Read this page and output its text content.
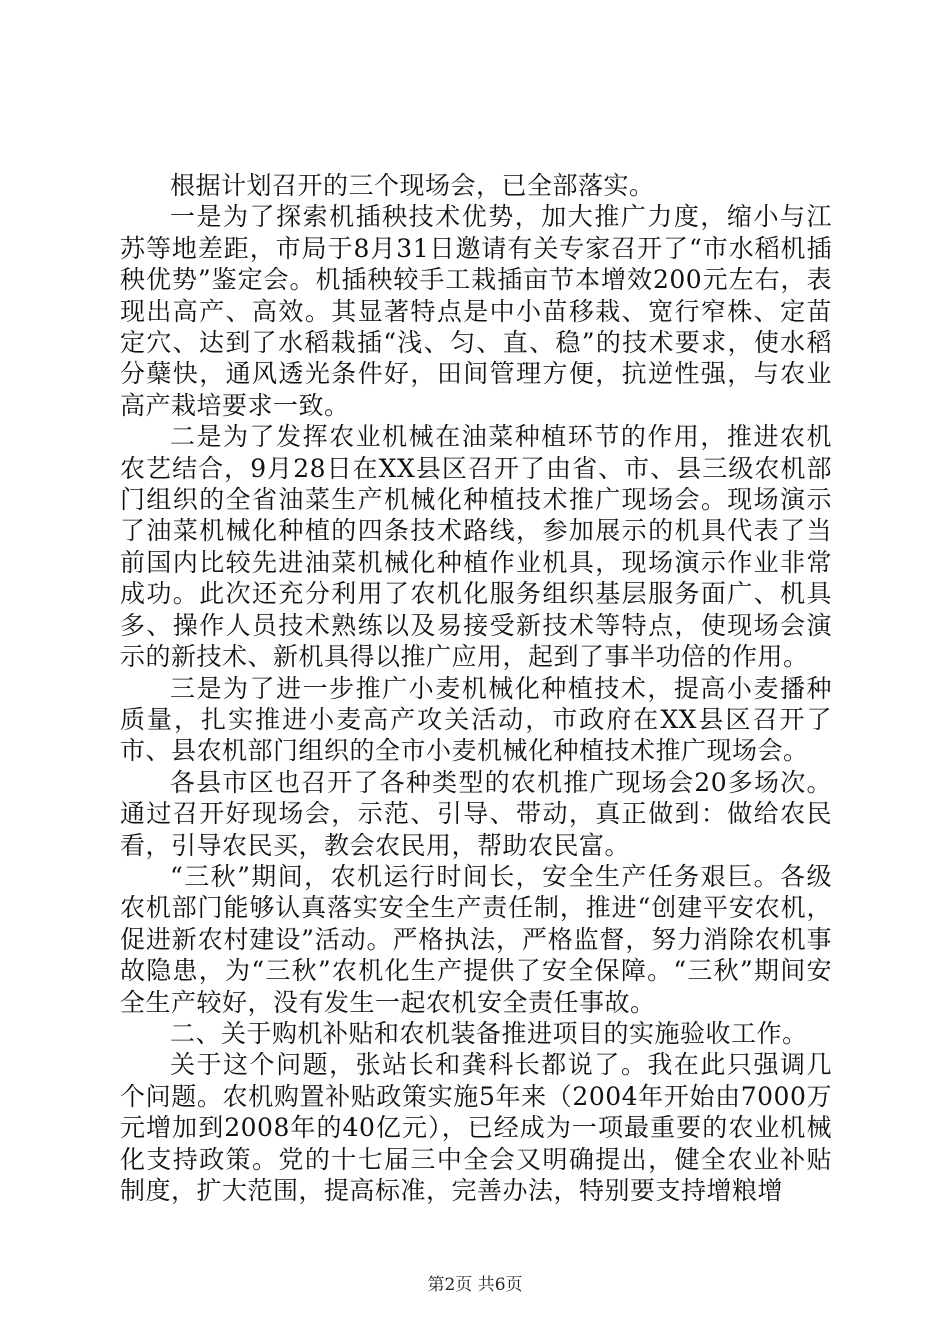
根据计划召开的三个现场会，已全部落实。

一是为了探索机插秧技术优势，加大推广力度，缩小与江苏等地差距，市局于8月31日邀请有关专家召开了“市水稻机插秧优势”鉴定会。机插秧较手工栽插亩节本增效200元左右，表现出高产、高效。其显著特点是中小苗移栽、宽行窄株、定苗定穴、达到了水稻栽插“浅、匀、直、稳”的技术要求，使水稻分蘖快，通风透光条件好，田间管理方便，抗逆性强，与农业高产栽培要求一致。

二是为了发挥农业机械在油菜种植环节的作用，推进农机农艺结合，9月28日在XX县区召开了由省、市、县三级农机部门组织的全省油菜生产机械化种植技术推广现场会。现场演示了油菜机械化种植的四条技术路线，参加展示的机具代表了当前国内比较先进油菜机械化种植作业机具，现场演示作业非常成功。此次还充分利用了农机化服务组织基层服务面广、机具多、操作人员技术熟练以及易接受新技术等特点，使现场会演示的新技术、新机具得以推广应用，起到了事半功倍的作用。

三是为了进一步推广小麦机械化种植技术，提高小麦播种质量，扎实推进小麦高产攻关活动，市政府在XX县区召开了市、县农机部门组织的全市小麦机械化种植技术推广现场会。

各县市区也召开了各种类型的农机推广现场会20多场次。通过召开好现场会，示范、引导、带动，真正做到：做给农民看，引导农民买，教会农民用，帮助农民富。

“三秋”期间，农机运行时间长，安全生产任务艰巨。各级农机部门能够认真落实安全生产责任制，推进“创建平安农机，促进新农村建设”活动。严格执法，严格监督，努力消除农机事故隐患，为“三秋”农机化生产提供了安全保障。“三秋”期间安全生产较好，没有发生一起农机安全责任事故。

二、关于购机补贴和农机装备推进项目的实施验收工作。

关于这个问题，张站长和龚科长都说了。我在此只强调几个问题。农机购置补贴政策实施5年来（2004年开始由7000万元增加到2008年的40亿元），已经成为一项最重要的农业机械化支持政策。党的十七届三中全会又明确提出，健全农业补贴制度，扩大范围，提高标准，完善办法，特别要支持增粮增

第2页 共6页
